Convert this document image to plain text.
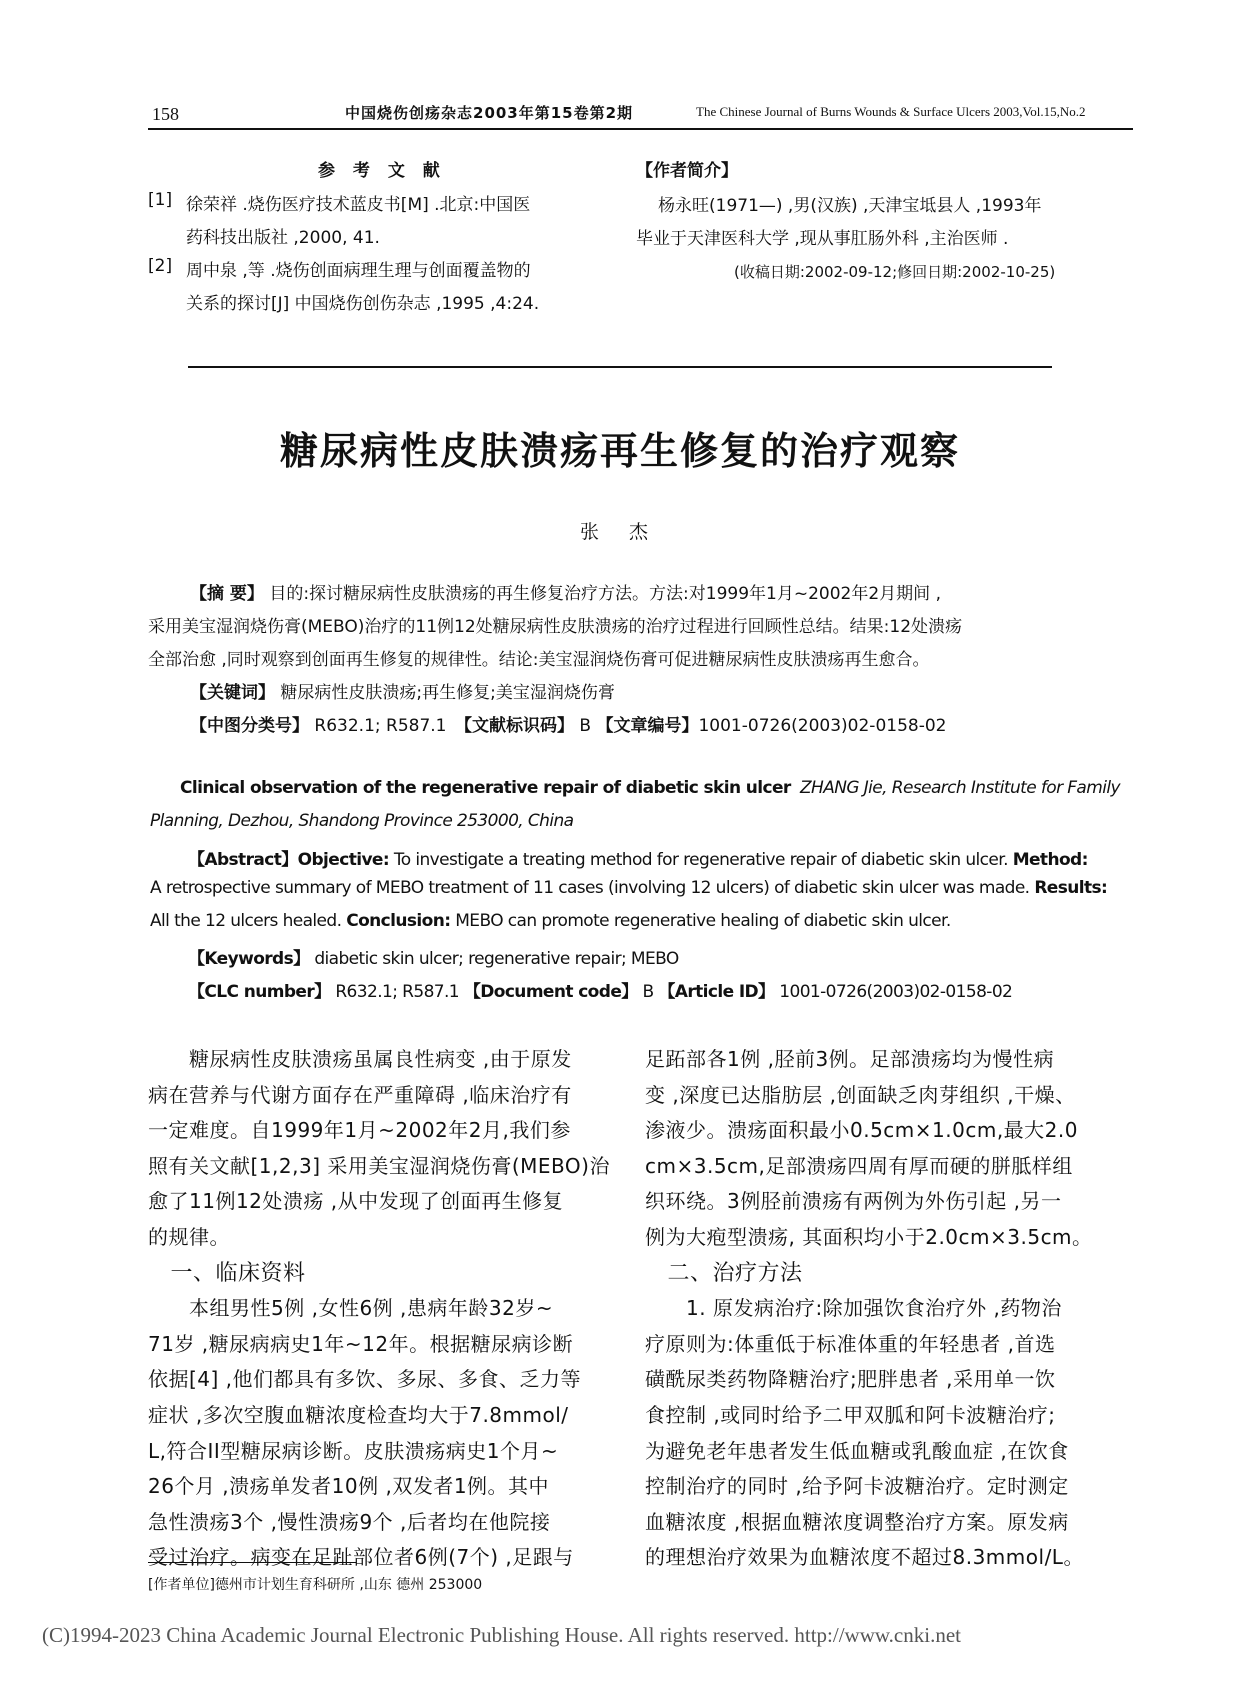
158	中国烧伤创疡杂志2003年第15卷第2期	The Chinese Journal of Burns Wounds & Surface Ulcers 2003,Vol.15,No.2
参 考 文 献
[1] 徐荣祥 .烧伤医疗技术蓝皮书[M] .北京:中国医
药科技出版社 ,2000, 41.
[2] 周中泉 ,等 .烧伤创面病理生理与创面覆盖物的
关系的探讨[J] 中国烧伤创伤杂志 ,1995 ,4:24.
【作者简介】
杨永旺(1971—) ,男(汉族) ,天津宝坻县人 ,1993年
毕业于天津医科大学 ,现从事肛肠外科 ,主治医师 .
(收稿日期:2002-09-12;修回日期:2002-10-25)
糖尿病性皮肤溃疡再生修复的治疗观察
张 杰
【摘 要】 目的:探讨糖尿病性皮肤溃疡的再生修复治疗方法。方法:对1999年1月~2002年2月期间 ,
采用美宝湿润烧伤膏(MEBO)治疗的11例12处糖尿病性皮肤溃疡的治疗过程进行回顾性总结。结果:12处溃疡
全部治愈 ,同时观察到创面再生修复的规律性。结论:美宝湿润烧伤膏可促进糖尿病性皮肤溃疡再生愈合。
【关键词】 糖尿病性皮肤溃疡;再生修复;美宝湿润烧伤膏
【中图分类号】 R632.1; R587.1　 【文献标识码】 B 【文章编号】1001-0726(2003)02-0158-02
Clinical observation of the regenerative repair of diabetic skin ulcer ZHANG Jie, Research Institute for Family
Planning, Dezhou, Shandong Province 253000, China
【Abstract】Objective: To investigate a treating method for regenerative repair of diabetic skin ulcer. Method:
A retrospective summary of MEBO treatment of 11 cases (involving 12 ulcers) of diabetic skin ulcer was made. Results:
All the 12 ulcers healed. Conclusion: MEBO can promote regenerative healing of diabetic skin ulcer.
【Keywords】 diabetic skin ulcer; regenerative repair; MEBO
【CLC number】 R632.1; R587.1 【Document code】 B 【Article ID】 1001-0726(2003)02-0158-02
　　糖尿病性皮肤溃疡虽属良性病变 ,由于原发
病在营养与代谢方面存在严重障碍 ,临床治疗有
一定难度。自1999年1月~2002年2月,我们参
照有关文献[1,2,3] 采用美宝湿润烧伤膏(MEBO)治
愈了11例12处溃疡 ,从中发现了创面再生修复
的规律。
　一、临床资料
　　本组男性5例 ,女性6例 ,患病年龄32岁~
71岁 ,糖尿病病史1年~12年。根据糖尿病诊断
依据[4] ,他们都具有多饮、多尿、多食、乏力等
症状 ,多次空腹血糖浓度检查均大于7.8mmol/
L,符合II型糖尿病诊断。皮肤溃疡病史1个月~
26个月 ,溃疡单发者10例 ,双发者1例。其中
急性溃疡3个 ,慢性溃疡9个 ,后者均在他院接
受过治疗。病变在足趾部位者6例(7个) ,足跟与
足跖部各1例 ,胫前3例。足部溃疡均为慢性病
变 ,深度已达脂肪层 ,创面缺乏肉芽组织 ,干燥、
渗液少。溃疡面积最小0.5cm×1.0cm,最大2.0
cm×3.5cm,足部溃疡四周有厚而硬的胼胝样组
织环绕。3例胫前溃疡有两例为外伤引起 ,另一
例为大疱型溃疡, 其面积均小于2.0cm×3.5cm。
　二、治疗方法
　　1. 原发病治疗:除加强饮食治疗外 ,药物治
疗原则为:体重低于标准体重的年轻患者 ,首选
磺酰尿类药物降糖治疗;肥胖患者 ,采用单一饮
食控制 ,或同时给予二甲双胍和阿卡波糖治疗;
为避免老年患者发生低血糖或乳酸血症 ,在饮食
控制治疗的同时 ,给予阿卡波糖治疗。定时测定
血糖浓度 ,根据血糖浓度调整治疗方案。原发病
的理想治疗效果为血糖浓度不超过8.3mmol/L。
[作者单位]德州市计划生育科研所 ,山东 德州 253000
(C)1994-2023 China Academic Journal Electronic Publishing House. All rights reserved. http://www.cnki.net
